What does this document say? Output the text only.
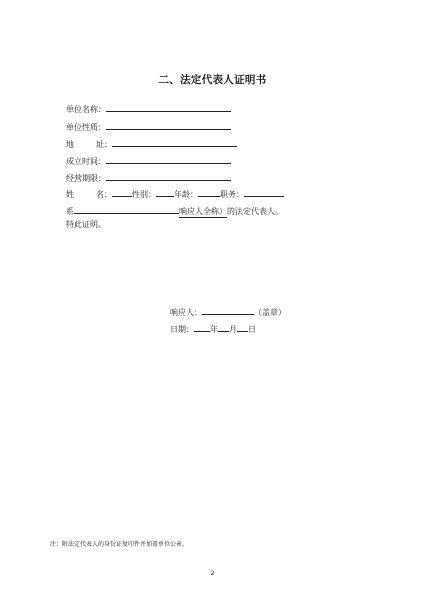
二、法定代表人证明书
单位名称：
单位性质：
地	址：
成立时间：
经营期限：
姓	名：	性别： 年龄：	职务：
系	响应人全称）的法定代表人。
特此证明。
响应人：	（盖章）
日期： 年 月 日
注：附法定代表人的身份证复印件并加盖单位公章。
2
